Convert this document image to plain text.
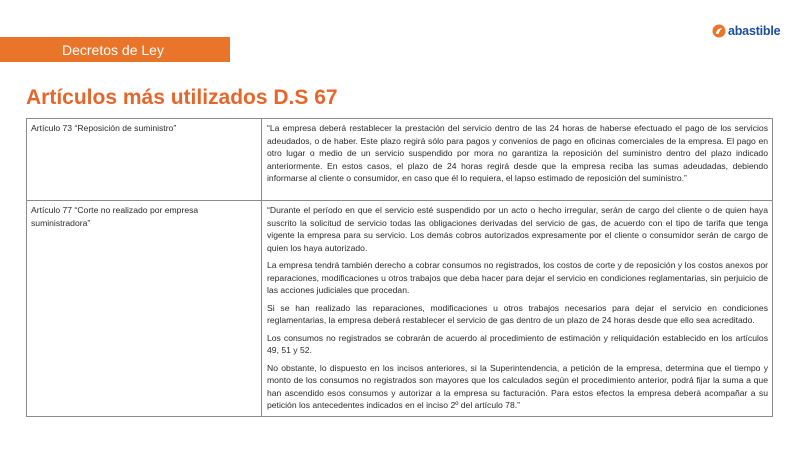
Decretos de Ley
abastible
Artículos más utilizados D.S 67
Artículo 73 “Reposición de suministro”	“La empresa deberá restablecer la prestación del servicio dentro de las 24 horas de haberse efectuado el pago de los servicios adeudados, o de haber. Este plazo regirá sólo para pagos y convenios de pago en oficinas comerciales de la empresa. El pago en otro lugar o medio de un servicio suspendido por mora no garantiza la reposición del suministro dentro del plazo indicado anteriormente. En estos casos, el plazo de 24 horas regirá desde que la empresa reciba las sumas adeudadas, debiendo informarse al cliente o consumidor, en caso que él lo requiera, el lapso estimado de reposición del suministro.”

Artículo 77 “Corte no realizado por empresa suministradora”	“Durante el período en que el servicio esté suspendido por un acto o hecho irregular, serán de cargo del cliente o de quien haya suscrito la solicitud de servicio todas las obligaciones derivadas del servicio de gas, de acuerdo con el tipo de tarifa que tenga vigente la empresa para su servicio. Los demás cobros autorizados expresamente por el cliente o consumidor serán de cargo de quien los haya autorizado.

La empresa tendrá también derecho a cobrar consumos no registrados, los costos de corte y de reposición y los costos anexos por reparaciones, modificaciones u otros trabajos que deba hacer para dejar el servicio en condiciones reglamentarias, sin perjuicio de las acciones judiciales que procedan.

Si se han realizado las reparaciones, modificaciones u otros trabajos necesarios para dejar el servicio en condiciones reglamentarias, la empresa deberá restablecer el servicio de gas dentro de un plazo de 24 horas desde que ello sea acreditado.

Los consumos no registrados se cobrarán de acuerdo al procedimiento de estimación y reliquidación establecido en los artículos 49, 51 y 52.

No obstante, lo dispuesto en los incisos anteriores, si la Superintendencia, a petición de la empresa, determina que el tiempo y monto de los consumos no registrados son mayores que los calculados según el procedimiento anterior, podrá fijar la suma a que han ascendido esos consumos y autorizar a la empresa su facturación. Para estos efectos la empresa deberá acompañar a su petición los antecedentes indicados en el inciso 2º del artículo 78.”
